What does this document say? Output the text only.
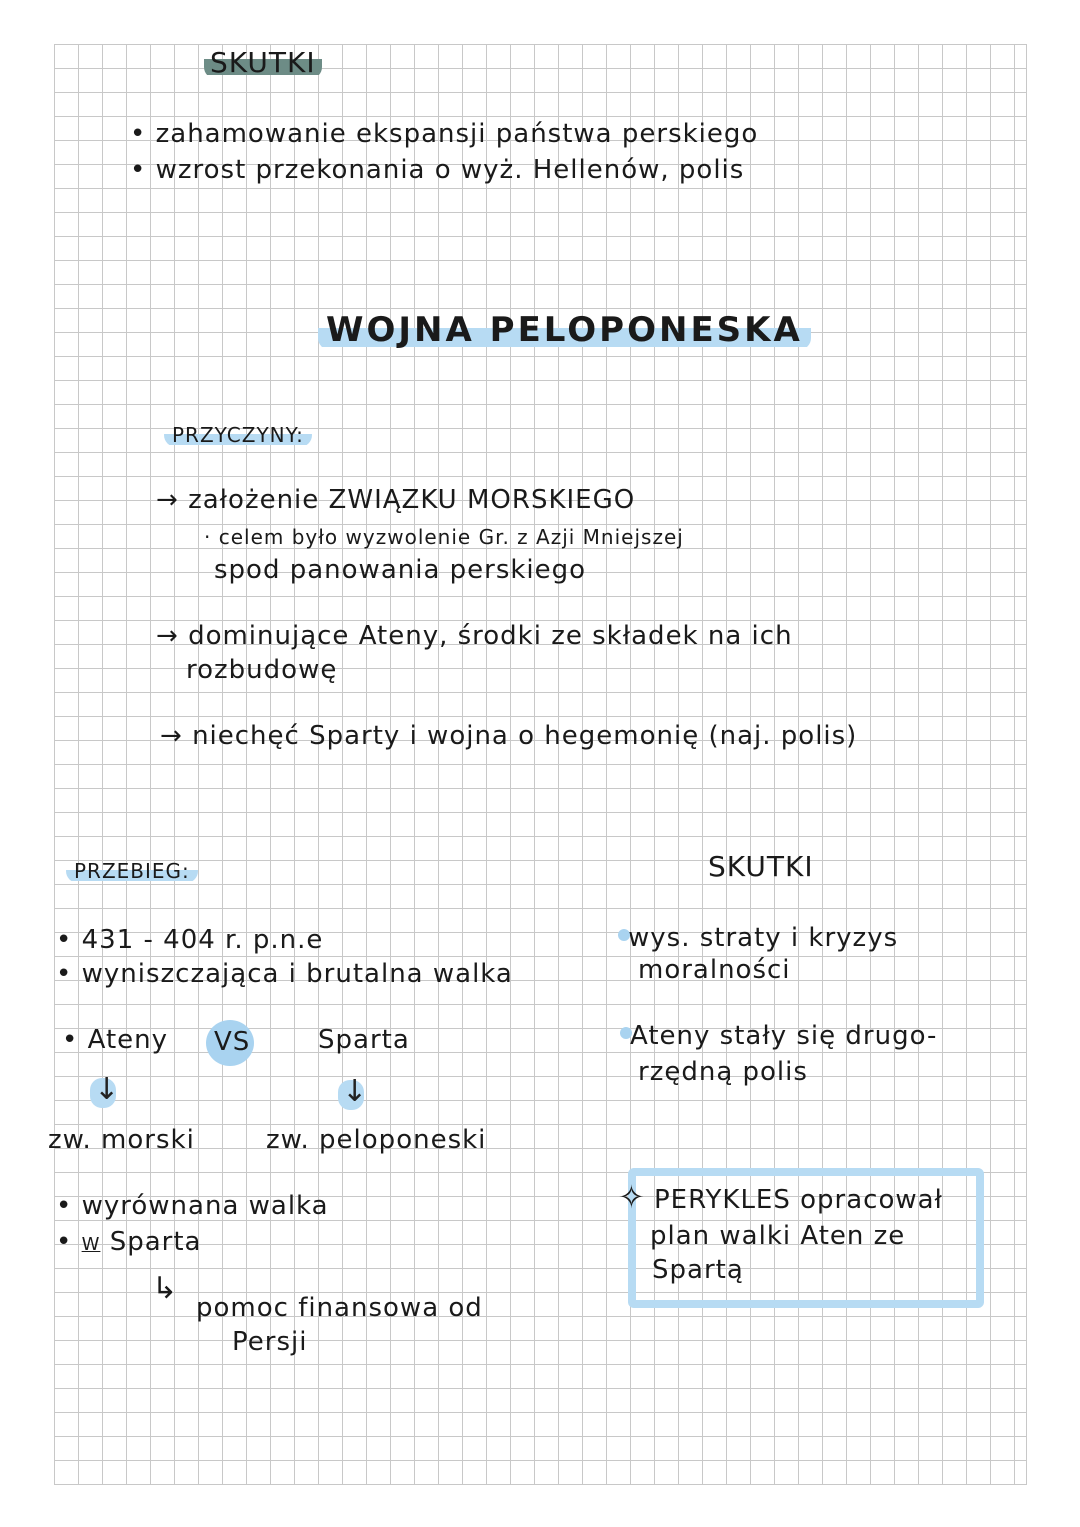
SKUTKI
• zahamowanie ekspansji państwa perskiego
• wzrost przekonania o wyż. Hellenów, polis
WOJNA PELOPONESKA
PRZYCZYNY:
→ założenie ZWIĄZKU MORSKIEGO
· celem było wyzwolenie Gr. z Azji Mniejszej
spod panowania perskiego
→ dominujące Ateny, środki ze składek na ich
rozbudowę
→ niechęć Sparty i wojna o hegemonię (naj. polis)
PRZEBIEG:
• 431 - 404 r. p.n.e
• wyniszczająca i brutalna walka
• Ateny VS	Sparta
↓	↓
zw. morski	zw. peloponeski
• wyrównana walka
• W Sparta
↳
pomoc finansowa od
Persji
SKUTKI
wys. straty i kryzys
moralności
Ateny stały się drugo-
rzędną polis
✧ PERYKLES opracował
plan walki Aten ze
Spartą
